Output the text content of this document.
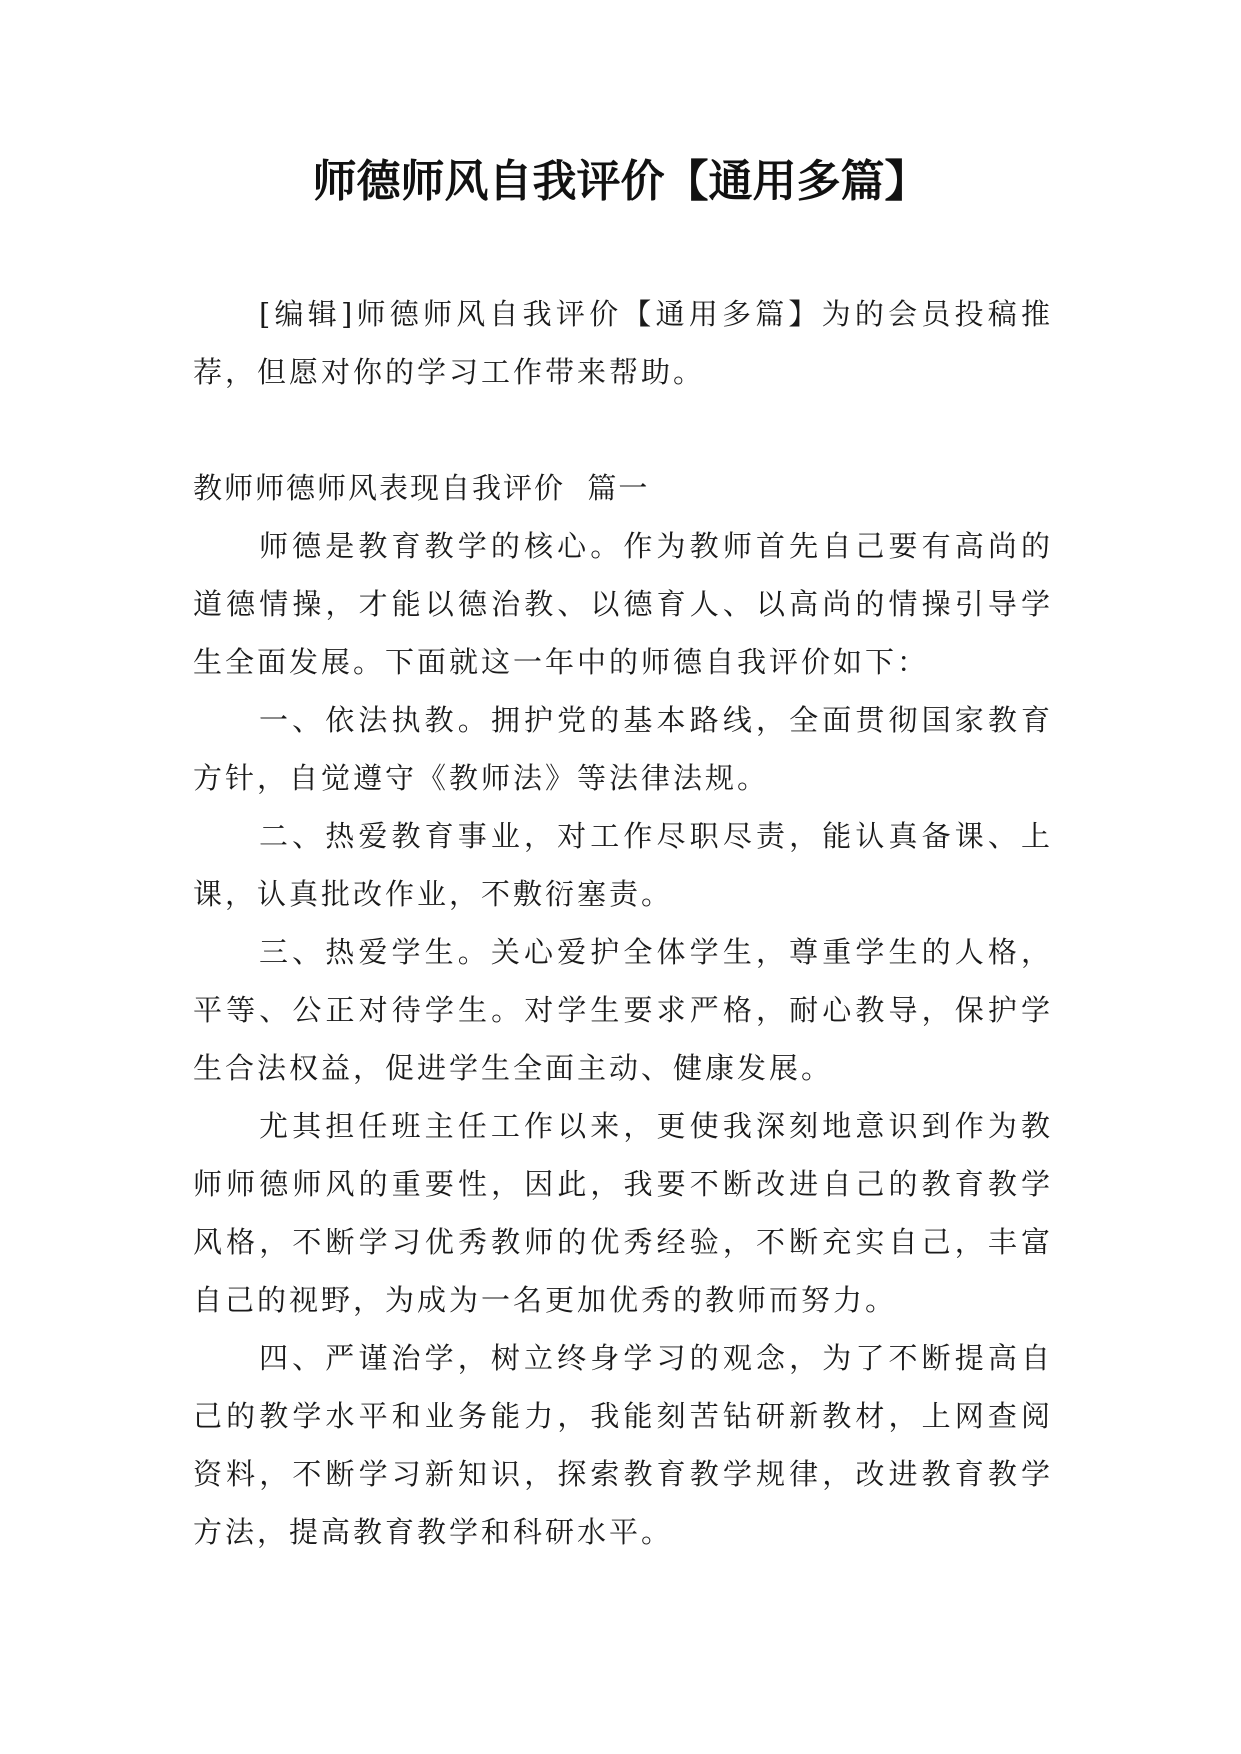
师德师风自我评价【通用多篇】

[编辑]师德师风自我评价【通用多篇】为的会员投稿推荐，但愿对你的学习工作带来帮助。

教师师德师风表现自我评价  篇一

师德是教育教学的核心。作为教师首先自己要有高尚的道德情操，才能以德治教、以德育人、以高尚的情操引导学生全面发展。下面就这一年中的师德自我评价如下：

一、依法执教。拥护党的基本路线，全面贯彻国家教育方针，自觉遵守《教师法》等法律法规。

二、热爱教育事业，对工作尽职尽责，能认真备课、上课，认真批改作业，不敷衍塞责。

三、热爱学生。关心爱护全体学生，尊重学生的人格，平等、公正对待学生。对学生要求严格，耐心教导，保护学生合法权益，促进学生全面主动、健康发展。

尤其担任班主任工作以来，更使我深刻地意识到作为教师师德师风的重要性，因此，我要不断改进自己的教育教学风格，不断学习优秀教师的优秀经验，不断充实自己，丰富自己的视野，为成为一名更加优秀的教师而努力。

四、严谨治学，树立终身学习的观念，为了不断提高自己的教学水平和业务能力，我能刻苦钻研新教材，上网查阅资料，不断学习新知识，探索教育教学规律，改进教育教学方法，提高教育教学和科研水平。
